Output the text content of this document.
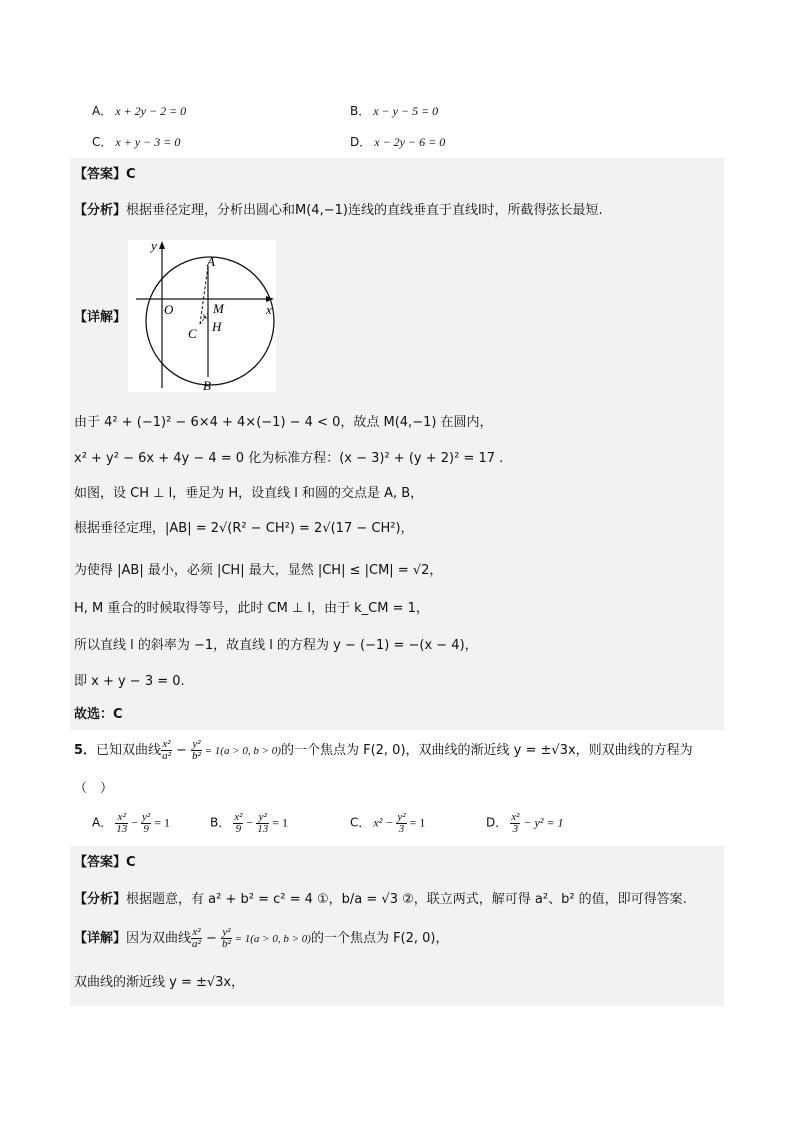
A． x + 2y − 2 = 0	B． x − y − 5 = 0
C． x + y − 3 = 0	D． x − 2y − 6 = 0
【答案】C
【分析】根据垂径定理，分析出圆心和M(4,−1)连线的直线垂直于直线l时，所截得弦长最短.
【详解】
y
x
O
A
M
H
C
B
由于 4² + (−1)² − 6×4 + 4×(−1) − 4 < 0，故点 M(4,−1) 在圆内，
x² + y² − 6x + 4y − 4 = 0 化为标准方程：(x − 3)² + (y + 2)² = 17 .
如图，设 CH ⊥ l，垂足为 H，设直线 l 和圆的交点是 A, B，
根据垂径定理，|AB| = 2√(R² − CH²) = 2√(17 − CH²)，
为使得 |AB| 最小，必须 |CH| 最大，显然 |CH| ≤ |CM| = √2，
H, M 重合的时候取得等号，此时 CM ⊥ l，由于 k_CM = 1，
所以直线 l 的斜率为 −1，故直线 l 的方程为 y − (−1) = −(x − 4)，
即 x + y − 3 = 0.
故选：C
5．已知双曲线 $\frac{\text{x²}}{\text{a²}} - \frac{\text{y²}}{\text{b²}} = 1(a > 0$, b > 0)的一个焦点为 F(2, 0)，双曲线的渐近线 y = ±√3x，则双曲线的方程为
（　）
A． $\frac{\text{x²}}{13} - \frac{\text{y²}}{9} = 1$	B． $\frac{\text{x²}}{9} - \frac{\text{y²}}{13} = 1$	C． $x^2 - \frac{\text{y²}}{3} = 1$	D． $\frac{\text{x²}}{3} - y^2 = 1$
【答案】C
【分析】根据题意，有 a² + b² = c² = 4 ①，b/a = √3 ②，联立两式，解可得 a²、b² 的值，即可得答案.
【详解】因为双曲线 $\frac{\text{x²}}{\text{a²}} - \frac{\text{y²}}{\text{b²}} = 1(a > 0$, b > 0)的一个焦点为 F(2, 0)，
双曲线的渐近线 y = ±√3x，
